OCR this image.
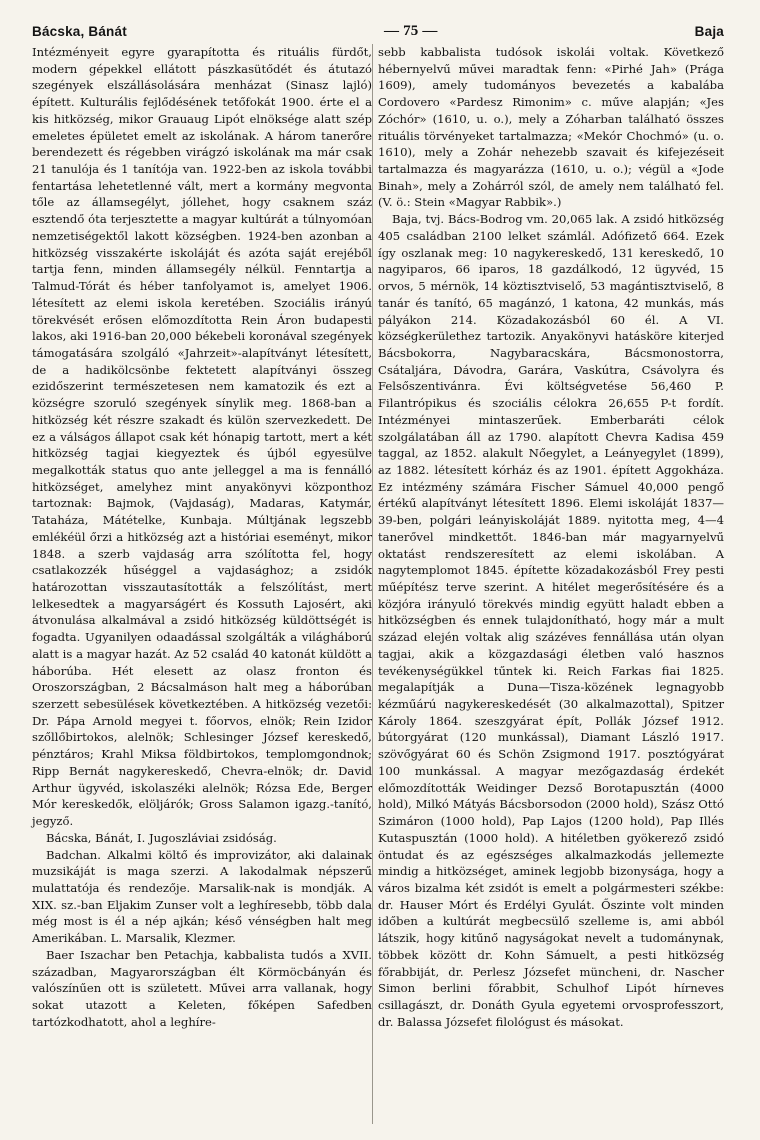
Bácska, Bánát	— 75 —	Baja

Intézményeit egyre gyarapította és rituális fürdőt, modern gépekkel ellátott pászkasütődét és átutazó szegények elszállásolására menházat (Sinasz lajló) épített. Kulturális fejlődésének tetőfokát 1900. érte el a kis hitközség, mikor Grauaug Lipót elnöksége alatt szép emeletes épületet emelt az iskolának. A három tanerőre berendezett és régebben virágzó iskolának ma már csak 21 tanulója és 1 tanítója van. 1922-ben az iskola további fentartása lehetetlenné vált, mert a kormány megvonta tőle az államsegélyt, jóllehet, hogy csaknem száz esztendő óta terjesztette a magyar kultúrát a túlnyomóan nemzetiségektől lakott községben. 1924-ben azonban a hitközség visszakérte iskoláját és azóta saját erejéből tartja fenn, minden államsegély nélkül. Fenntartja a Talmud-Tórát és héber tanfolyamot is, amelyet 1906. létesített az elemi iskola keretében. Szociális irányú törekvését erősen előmozdította Rein Áron budapesti lakos, aki 1916-ban 20,000 békebeli koronával szegények támogatására szolgáló «Jahrzeit»-alapítványt létesített, de a hadikölcsönbe fektetett alapítványi összeg ezidőszerint természetesen nem kamatozik és ezt a községre szoruló szegények sínylik meg. 1868-ban a hitközség két részre szakadt és külön szervezkedett. De ez a válságos állapot csak két hónapig tartott, mert a két hitközség tagjai kiegyeztek és újból egyesülve megalkották status quo ante jelleggel a ma is fennálló hitközséget, amelyhez mint anyakönyvi központhoz tartoznak: Bajmok, (Vajdaság), Madaras, Katymár, Tataháza, Mátételke, Kunbaja. Múltjának legszebb emlékéül őrzi a hitközség azt a históriai eseményt, mikor 1848. a szerb vajdaság arra szólította fel, hogy csatlakozzék hűséggel a vajdasághoz; a zsidók határozottan visszautasították a felszólítást, mert lelkesedtek a magyarságért és Kossuth Lajosért, aki átvonulása alkalmával a zsidó hitközség küldöttségét is fogadta. Ugyanilyen odaadással szolgálták a világháború alatt is a magyar hazát. Az 52 család 40 katonát küldött a háborúba. Hét elesett az olasz fronton és Oroszországban, 2 Bácsalmáson halt meg a háborúban szerzett sebesülések következtében. A hitközség vezetői: Dr. Pápa Arnold megyei t. főorvos, elnök; Rein Izidor szőllőbirtokos, alelnök; Schlesinger József kereskedő, pénztáros; Krahl Miksa földbirtokos, templomgondnok; Ripp Bernát nagykereskedő, Chevra-elnök; dr. David Arthur ügyvéd, iskolaszéki alelnök; Rózsa Ede, Berger Mór kereskedők, elöljárók; Gross Salamon igazg.-tanító, jegyző.

Bácska, Bánát, I. Jugoszláviai zsidóság.

Badchan. Alkalmi költő és improvizátor, aki dalainak muzsikáját is maga szerzi. A lakodalmak népszerű mulattatója és rendezője. Marsalik-nak is mondják. A XIX. sz.-ban Eljakim Zunser volt a leghíresebb, több dala még most is él a nép ajkán; késő vénségben halt meg Amerikában. L. Marsalik, Klezmer.

Baer Iszachar ben Petachja, kabbalista tudós a XVII. században, Magyarországban élt Körmöcbányán és valószínűen ott is született. Művei arra vallanak, hogy sokat utazott a Keleten, főképen Safedben tartózkodhatott, ahol a leghíre-

sebb kabbalista tudósok iskolái voltak. Következő hébernyelvű művei maradtak fenn: «Pirhé Jah» (Prága 1609), amely tudományos bevezetés a kabalába Cordovero «Pardesz Rimonim» c. műve alapján; «Jes Zóchór» (1610, u. o.), mely a Zóharban található összes rituális törvényeket tartalmazza; «Mekór Chochmó» (u. o. 1610), mely a Zohár nehezebb szavait és kifejezéseit tartalmazza és magyarázza (1610, u. o.); végül a «Jode Binah», mely a Zohárról szól, de amely nem található fel. (V. ö.: Stein «Magyar Rabbik».)

Baja, tvj. Bács-Bodrog vm. 20,065 lak. A zsidó hitközség 405 családban 2100 lelket számlál. Adófizető 664. Ezek így oszlanak meg: 10 nagykereskedő, 131 kereskedő, 10 nagyiparos, 66 iparos, 18 gazdálkodó, 12 ügyvéd, 15 orvos, 5 mérnök, 14 köztisztviselő, 53 magántisztviselő, 8 tanár és tanító, 65 magánzó, 1 katona, 42 munkás, más pályákon 214. Közadakozásból 60 él. A VI. községkerülethez tartozik. Anyakönyvi hatásköre kiterjed Bácsbokorra, Nagybaracskára, Bácsmonostorra, Csátaljára, Dávodra, Garára, Vaskútra, Csávolyra és Felsőszentivánra. Évi költségvetése 56,460 P. Filantrópikus és szociális célokra 26,655 P-t fordít. Intézményei mintaszerűek. Emberbaráti célok szolgálatában áll az 1790. alapított Chevra Kadisa 459 taggal, az 1852. alakult Nőegylet, a Leányegylet (1899), az 1882. létesített kórház és az 1901. épített Aggokháza. Ez intézmény számára Fischer Sámuel 40,000 pengő értékű alapítványt létesített 1896. Elemi iskoláját 1837—39-ben, polgári leányiskoláját 1889. nyitotta meg, 4—4 tanerővel mindkettőt. 1846-ban már magyarnyelvű oktatást rendszeresített az elemi iskolában. A nagytemplomot 1845. építette közadakozásból Frey pesti műépítész terve szerint. A hitélet megerősítésére és a közjóra irányuló törekvés mindig együtt haladt ebben a hitközségben és ennek tulajdonítható, hogy már a mult század elején voltak alig százéves fennállása után olyan tagjai, akik a közgazdasági életben való hasznos tevékenységükkel tűntek ki. Reich Farkas fiai 1825. megalapítják a Duna—Tisza-közének legnagyobb kézműárú nagykereskedését (30 alkalmazottal), Spitzer Károly 1864. szeszgyárat épít, Pollák József 1912. bútorgyárat (120 munkással), Diamant László 1917. szövőgyárat 60 és Schön Zsigmond 1917. posztógyárat 100 munkással. A magyar mezőgazdaság érdekét előmozdították Weidinger Dezső Borotapusztán (4000 hold), Milkó Mátyás Bácsborsodon (2000 hold), Szász Ottó Szimáron (1000 hold), Pap Lajos (1200 hold), Pap Illés Kutaspusztán (1000 hold). A hitéletben gyökerező zsidó öntudat és az egészséges alkalmazkodás jellemezte mindig a hitközséget, aminek legjobb bizonysága, hogy a város bizalma két zsidót is emelt a polgármesteri székbe: dr. Hauser Mórt és Erdélyi Gyulát. Őszinte volt minden időben a kultúrát megbecsülő szelleme is, ami abból látszik, hogy kitűnő nagyságokat nevelt a tudománynak, többek között dr. Kohn Sámuelt, a pesti hitközség főrabbiját, dr. Perlesz Józsefet müncheni, dr. Nascher Simon berlini főrabbit, Schulhof Lipót hírneves csillagászt, dr. Donáth Gyula egyetemi orvosprofesszort, dr. Balassa Józsefet filológust és másokat.
